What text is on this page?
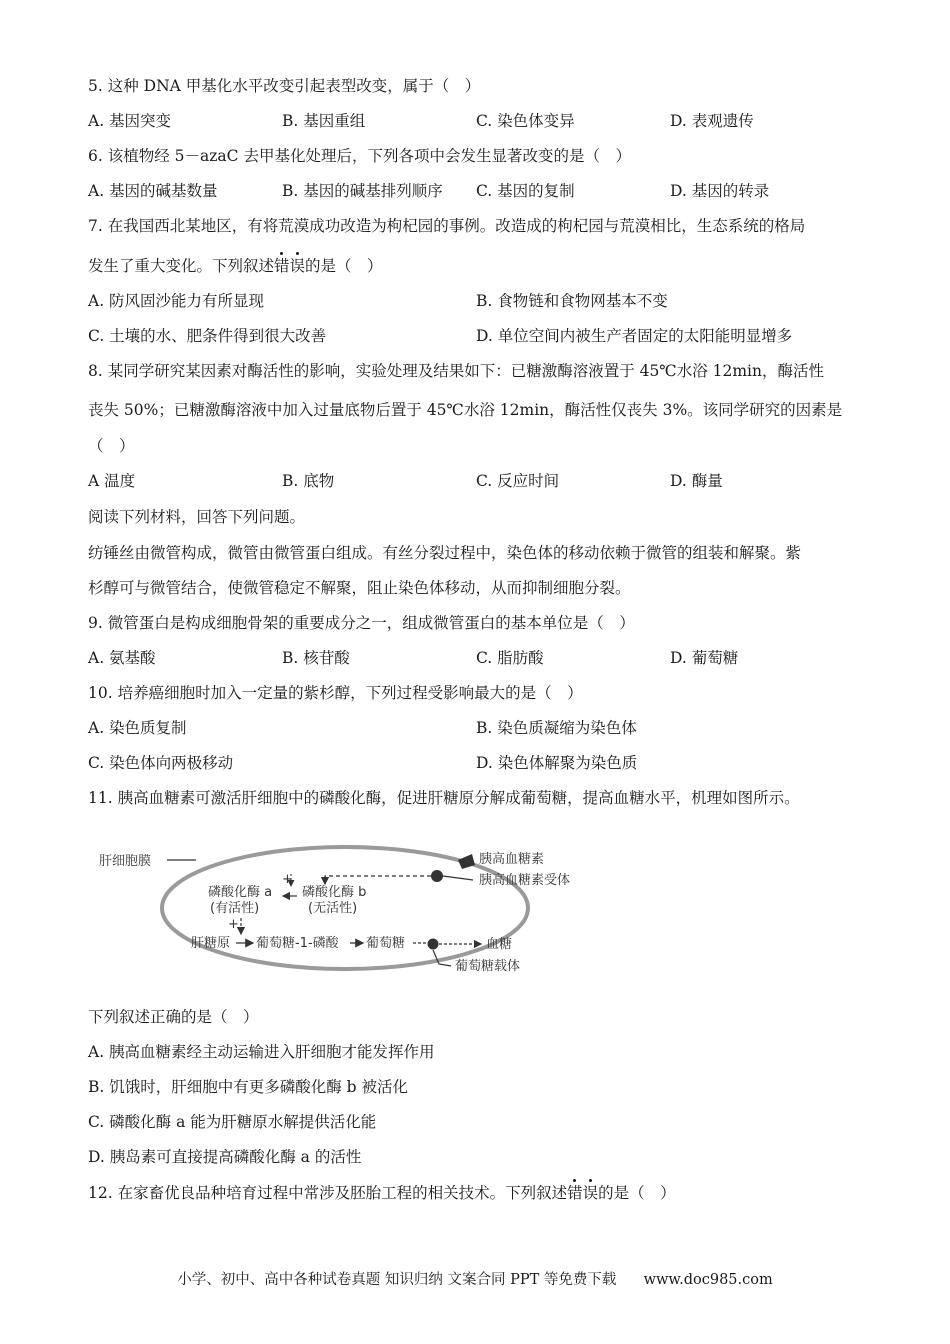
5. 这种 DNA 甲基化水平改变引起表型改变，属于（　）
A. 基因突变	B. 基因重组	C. 染色体变异	D. 表观遗传
6. 该植物经 5－azaC 去甲基化处理后，下列各项中会发生显著改变的是（　）
A. 基因的碱基数量	B. 基因的碱基排列顺序 C. 基因的复制	D. 基因的转录
7. 在我国西北某地区，有将荒漠成功改造为枸杞园的事例。改造成的枸杞园与荒漠相比，生态系统的格局
发生了重大变化。下列叙述错误的是（　）
A. 防风固沙能力有所显现	B. 食物链和食物网基本不变
C. 土壤的水、肥条件得到很大改善	D. 单位空间内被生产者固定的太阳能明显增多
8. 某同学研究某因素对酶活性的影响，实验处理及结果如下：已糖激酶溶液置于 45℃水浴 12min，酶活性
丧失 50%；已糖激酶溶液中加入过量底物后置于 45℃水浴 12min，酶活性仅丧失 3%。该同学研究的因素是
（　）
A 温度	B. 底物	C. 反应时间	D. 酶量
阅读下列材料，回答下列问题。
纺锤丝由微管构成，微管由微管蛋白组成。有丝分裂过程中，染色体的移动依赖于微管的组装和解聚。紫
杉醇可与微管结合，使微管稳定不解聚，阻止染色体移动，从而抑制细胞分裂。
9. 微管蛋白是构成细胞骨架的重要成分之一，组成微管蛋白的基本单位是（　）
A. 氨基酸	B. 核苷酸	C. 脂肪酸	D. 葡萄糖
10. 培养癌细胞时加入一定量的紫杉醇，下列过程受影响最大的是（　）
A. 染色质复制	B. 染色质凝缩为染色体
C. 染色体向两极移动	D. 染色体解聚为染色质
11. 胰高血糖素可激活肝细胞中的磷酸化酶，促进肝糖原分解成葡萄糖，提高血糖水平，机理如图所示。
肝细胞膜	胰高血糖素
胰高血糖素受体
+
磷酸化酶 a
(有活性)
磷酸化酶 b
(无活性)
+
肝糖原 葡萄糖-1-磷酸 葡萄糖	血糖
葡萄糖载体
下列叙述正确的是（　）
A. 胰高血糖素经主动运输进入肝细胞才能发挥作用
B. 饥饿时，肝细胞中有更多磷酸化酶 b 被活化
C. 磷酸化酶 a 能为肝糖原水解提供活化能
D. 胰岛素可直接提高磷酸化酶 a 的活性
12. 在家畜优良品种培育过程中常涉及胚胎工程的相关技术。下列叙述错误的是（　）
小学、初中、高中各种试卷真题 知识归纳 文案合同 PPT 等免费下载 www.doc985.com
